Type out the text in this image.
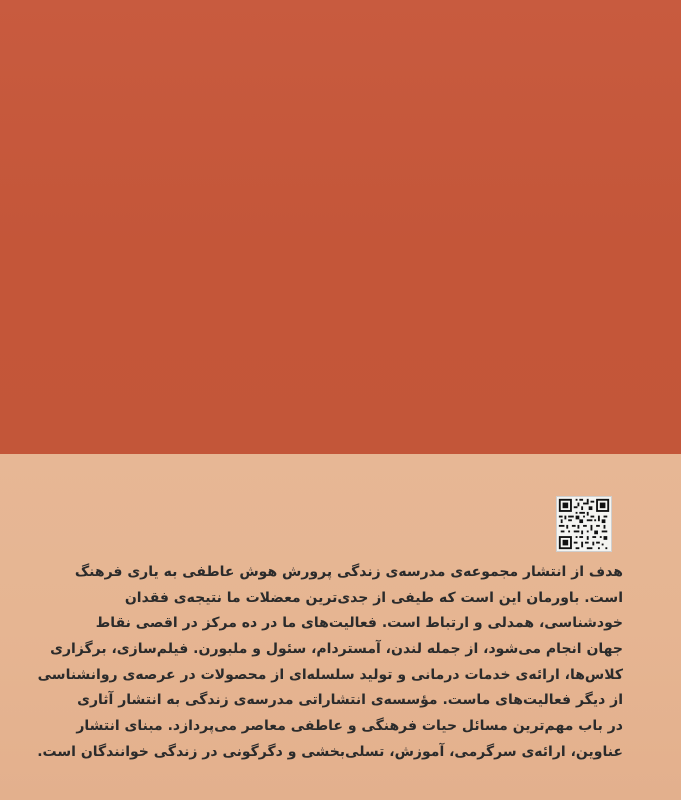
هدف از انتشار مجموعه‌ی مدرسه‌ی زندگی پرورش هوش عاطفی به یاری فرهنگ
است. باورمان این است که طیفی از جدی‌ترین معضلات ما نتیجه‌ی فقدان
خودشناسی، همدلی و ارتباط است. فعالیت‌های ما در ده مرکز در اقصی نقاط
جهان انجام می‌شود، از جمله لندن، آمستردام، سئول و ملبورن. فیلم‌سازی، برگزاری
کلاس‌ها، ارائه‌ی خدمات درمانی و تولید سلسله‌ای از محصولات در عرصه‌ی روانشناسی
از دیگر فعالیت‌های ماست. مؤسسه‌ی انتشاراتی مدرسه‌ی زندگی به انتشار آثاری
در باب مهم‌ترین مسائل حیات فرهنگی و عاطفی معاصر می‌پردازد. مبنای انتشار
عناوین، ارائه‌ی سرگرمی، آموزش، تسلی‌بخشی و دگرگونی در زندگی خوانندگان است.
